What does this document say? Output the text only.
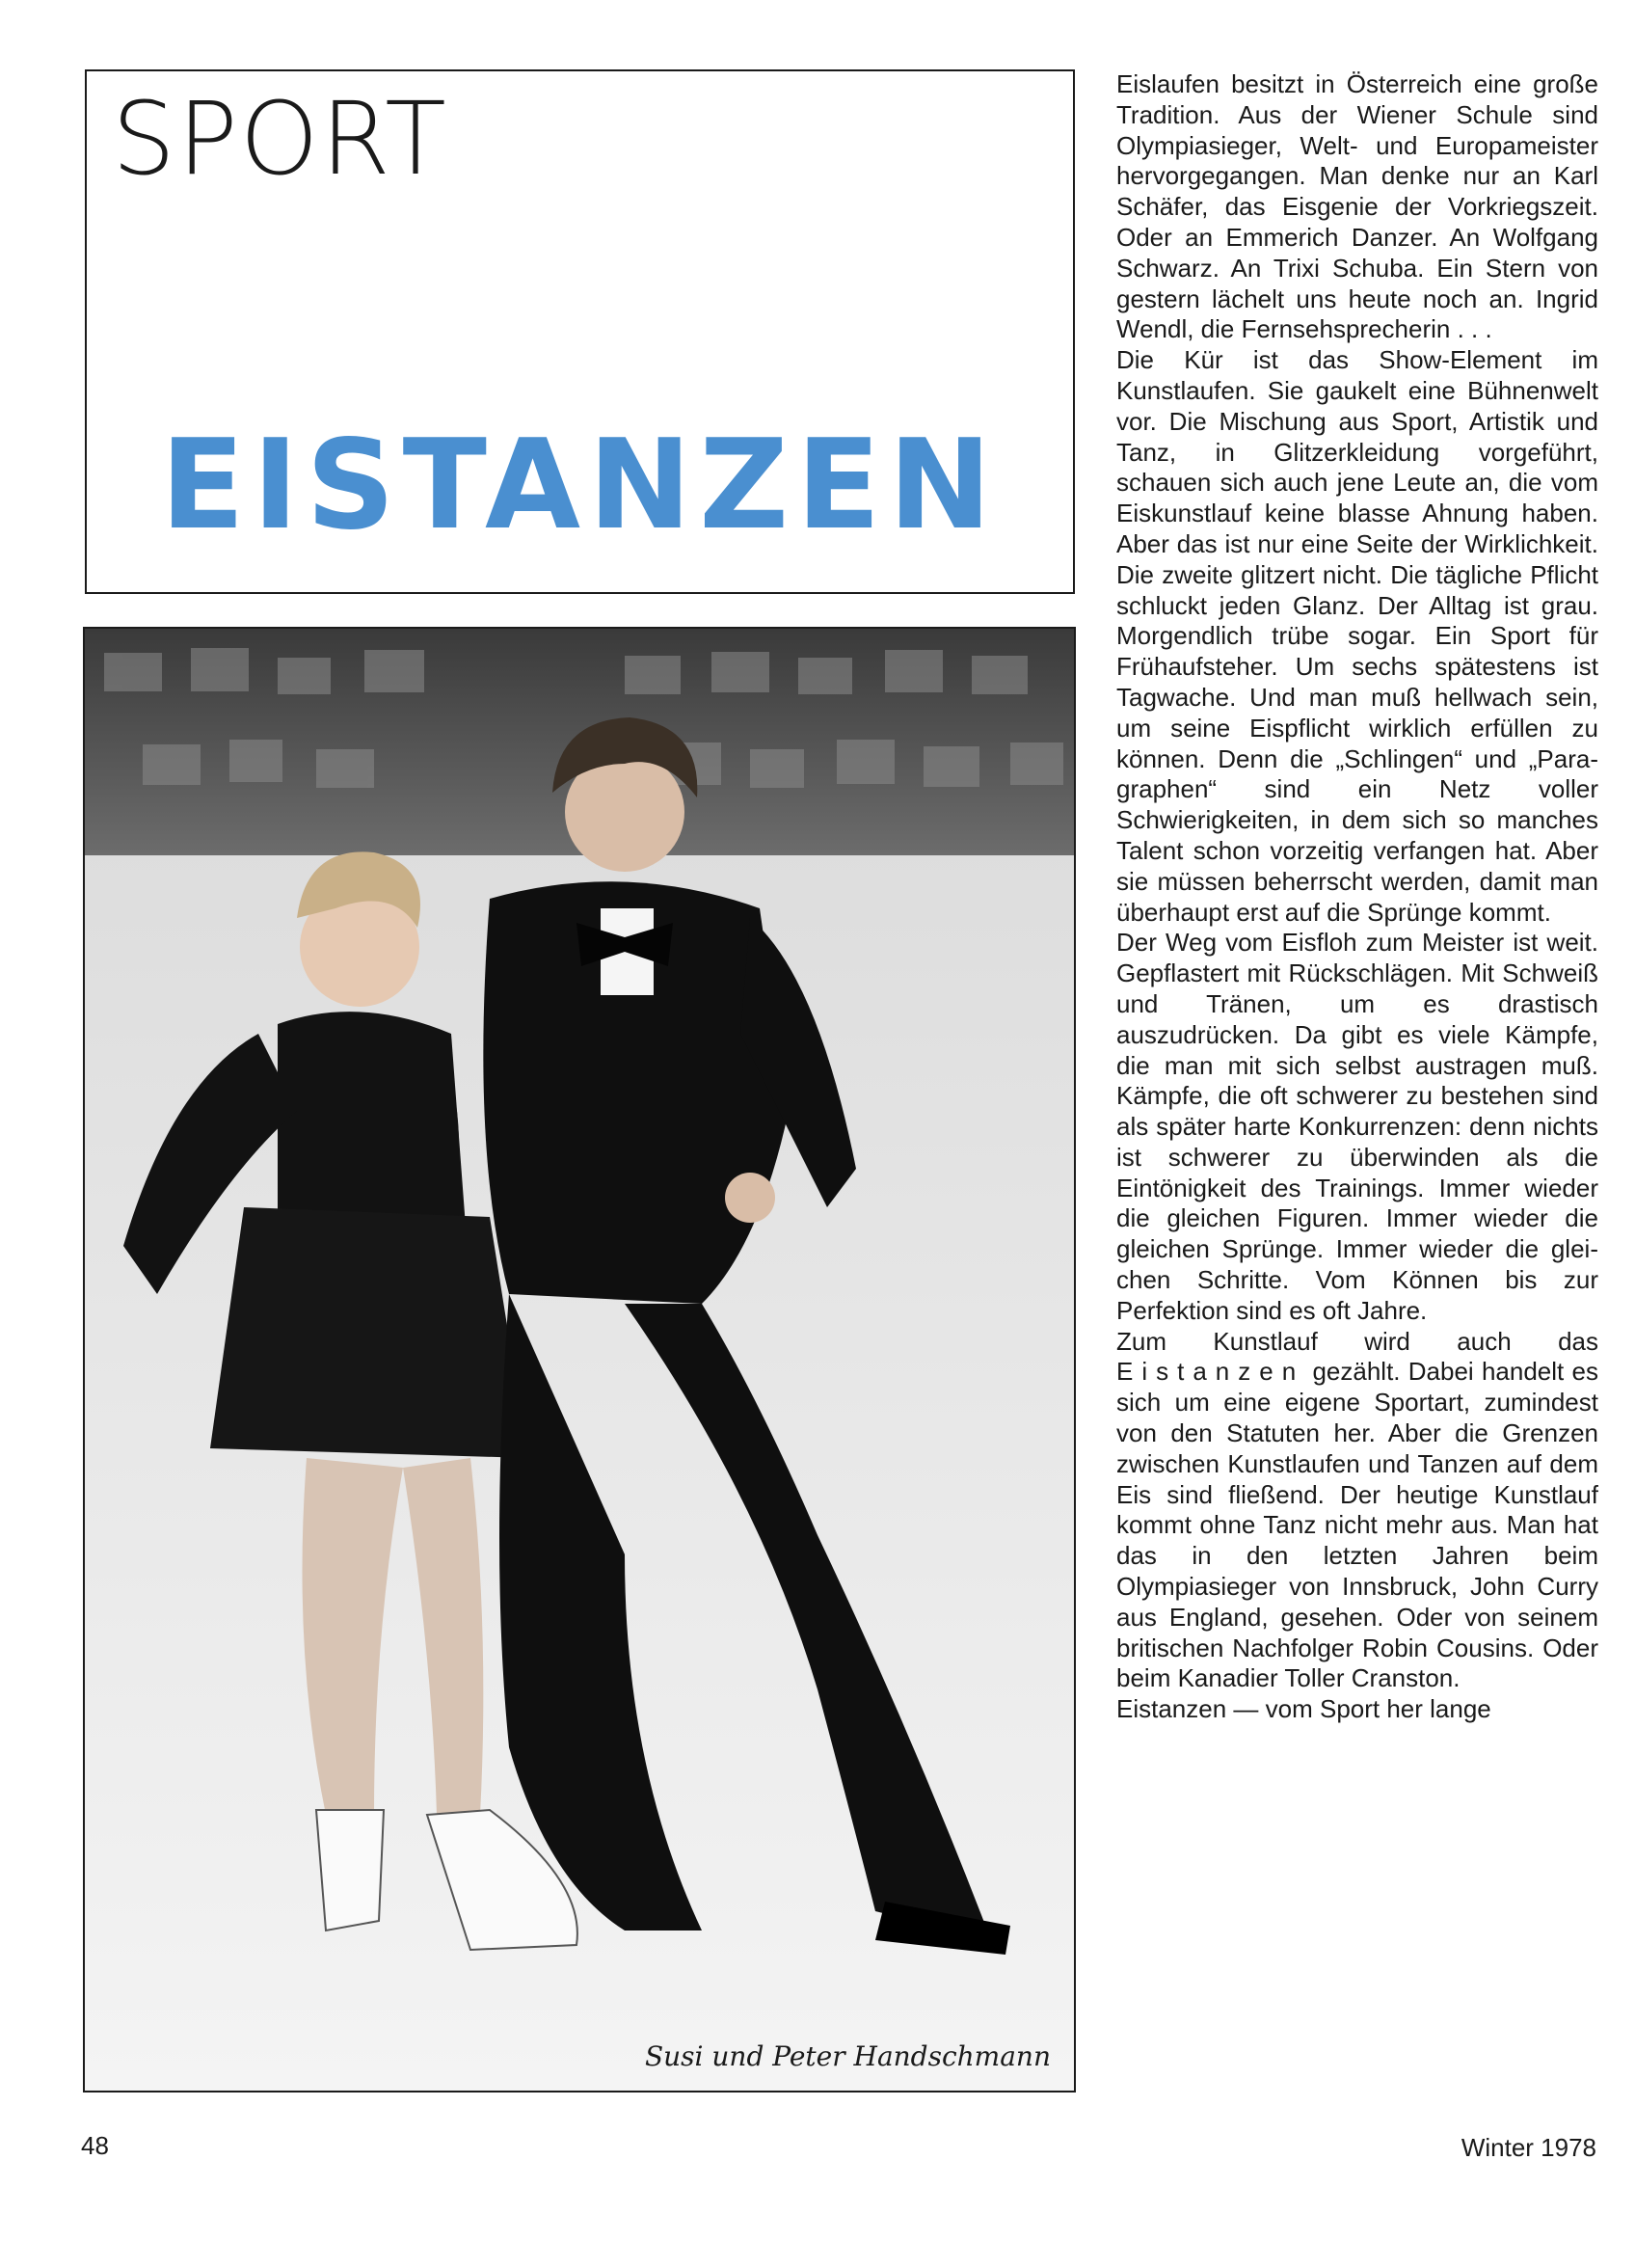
SPORT
EISTANZEN
Susi und Peter Handschmann

Eislaufen besitzt in Österreich eine große Tradition. Aus der Wiener Schule sind Olympiasieger, Welt- und Europameister hervorgegangen. Man denke nur an Karl Schäfer, das Eisgenie der Vorkriegszeit. Oder an Emmerich Danzer. An Wolfgang Schwarz. An Trixi Schuba. Ein Stern von gestern lächelt uns heute noch an. Ingrid Wendl, die Fernsehsprecherin . . .

Die Kür ist das Show-Element im Kunstlaufen. Sie gaukelt eine Bühnenwelt vor. Die Mischung aus Sport, Artistik und Tanz, in Glitzerkleidung vorgeführt, schauen sich auch jene Leute an, die vom Eiskunstlauf keine blasse Ahnung haben. Aber das ist nur eine Seite der Wirklichkeit. Die zweite glitzert nicht. Die tägliche Pflicht schluckt jeden Glanz. Der Alltag ist grau. Morgendlich trübe sogar. Ein Sport für Frühaufsteher. Um sechs spätestens ist Tagwache. Und man muß hellwach sein, um seine Eispflicht wirklich erfüllen zu können. Denn die „Schlingen“ und „Paragraphen“ sind ein Netz voller Schwierigkeiten, in dem sich so manches Talent schon vorzeitig verfangen hat. Aber sie müssen beherrscht werden, damit man überhaupt erst auf die Sprünge kommt.

Der Weg vom Eisfloh zum Meister ist weit. Gepflastert mit Rückschlägen. Mit Schweiß und Tränen, um es drastisch auszudrücken. Da gibt es viele Kämpfe, die man mit sich selbst austragen muß. Kämpfe, die oft schwerer zu bestehen sind als später harte Konkurrenzen: denn nichts ist schwerer zu überwinden als die Eintönigkeit des Trainings. Immer wieder die gleichen Figuren. Immer wieder die gleichen Sprünge. Immer wieder die gleichen Schritte. Vom Können bis zur Perfektion sind es oft Jahre.

Zum Kunstlauf wird auch das Eistanzen gezählt. Dabei handelt es sich um eine eigene Sportart, zumindest von den Statuten her. Aber die Grenzen zwischen Kunstlaufen und Tanzen auf dem Eis sind fließend. Der heutige Kunstlauf kommt ohne Tanz nicht mehr aus. Man hat das in den letzten Jahren beim Olympiasieger von Innsbruck, John Curry aus England, gesehen. Oder von seinem britischen Nachfolger Robin Cousins. Oder beim Kanadier Toller Cranston.

Eistanzen — vom Sport her lange

48	Winter 1978
